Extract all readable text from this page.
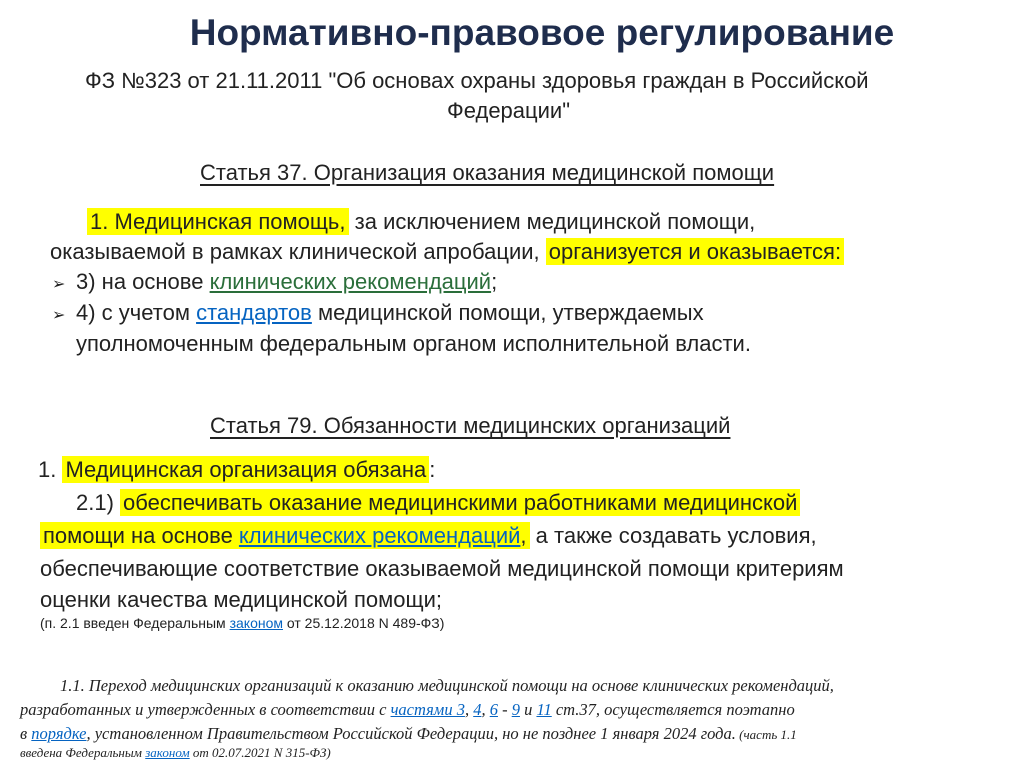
Нормативно-правовое регулирование
ФЗ №323 от 21.11.2011 "Об основах охраны здоровья граждан в Российской
Федерации"
Статья 37. Организация оказания медицинской помощи
1. Медицинская помощь, за исключением медицинской помощи,
оказываемой в рамках клинической апробации, организуется и оказывается:
➢ 3) на основе клинических рекомендаций;
➢ 4) с учетом стандартов медицинской помощи, утверждаемых
уполномоченным федеральным органом исполнительной власти.
Статья 79. Обязанности медицинских организаций
1. Медицинская организация обязана :
2.1) обеспечивать оказание медицинскими работниками медицинской
помощи на основе клинических рекомендаций, а также создавать условия,
обеспечивающие соответствие оказываемой медицинской помощи критериям
оценки качества медицинской помощи;
(п. 2.1 введен Федеральным законом от 25.12.2018 N 489-ФЗ)
1.1. Переход медицинских организаций к оказанию медицинской помощи на основе клинических рекомендаций,
разработанных и утвержденных в соответствии с частями 3, 4, 6 - 9 и 11 ст.37, осуществляется поэтапно
в порядке, установленном Правительством Российской Федерации, но не позднее 1 января 2024 года. (часть 1.1
введена Федеральным законом от 02.07.2021 N 315-ФЗ)
